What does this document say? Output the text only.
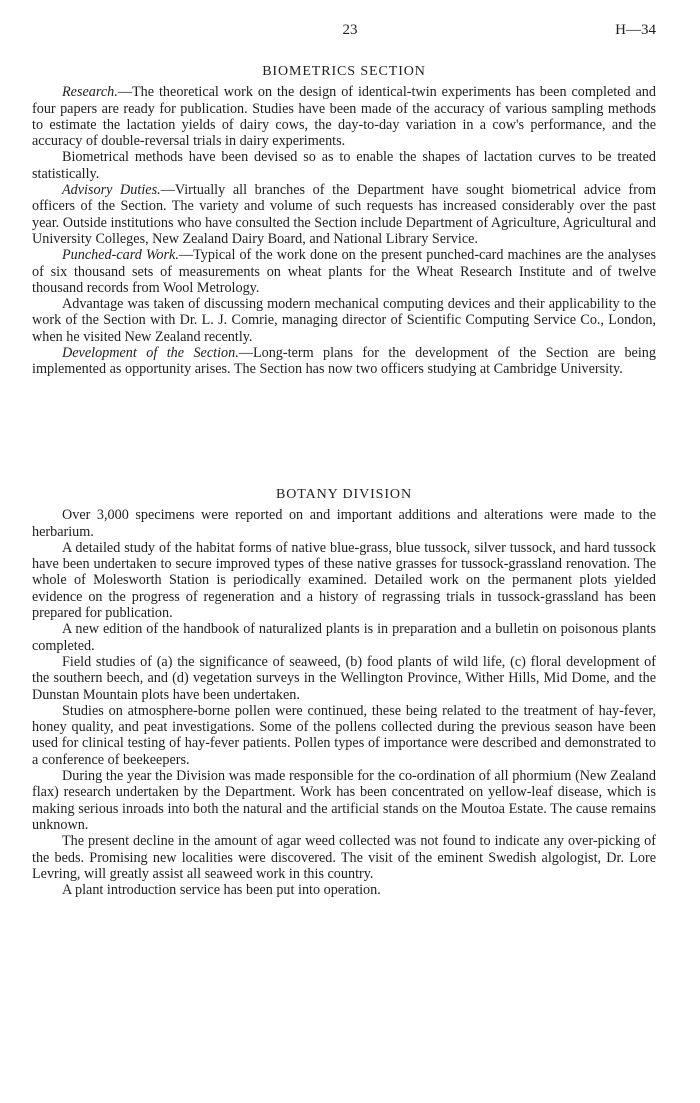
23	H—34
BIOMETRICS SECTION

Research.—The theoretical work on the design of identical-twin experiments has been completed and four papers are ready for publication. Studies have been made of the accuracy of various sampling methods to estimate the lactation yields of dairy cows, the day-to-day variation in a cow's performance, and the accuracy of double-reversal trials in dairy experiments.

Biometrical methods have been devised so as to enable the shapes of lactation curves to be treated statistically.

Advisory Duties.—Virtually all branches of the Department have sought biometrical advice from officers of the Section. The variety and volume of such requests has increased considerably over the past year. Outside institutions who have consulted the Section include Department of Agriculture, Agricultural and University Colleges, New Zealand Dairy Board, and National Library Service.

Punched-card Work.—Typical of the work done on the present punched-card machines are the analyses of six thousand sets of measurements on wheat plants for the Wheat Research Institute and of twelve thousand records from Wool Metrology.

Advantage was taken of discussing modern mechanical computing devices and their applicability to the work of the Section with Dr. L. J. Comrie, managing director of Scientific Computing Service Co., London, when he visited New Zealand recently.

Development of the Section.—Long-term plans for the development of the Section are being implemented as opportunity arises. The Section has now two officers studying at Cambridge University.

BOTANY DIVISION

Over 3,000 specimens were reported on and important additions and alterations were made to the herbarium.

A detailed study of the habitat forms of native blue-grass, blue tussock, silver tussock, and hard tussock have been undertaken to secure improved types of these native grasses for tussock-grassland renovation. The whole of Molesworth Station is periodically examined. Detailed work on the permanent plots yielded evidence on the progress of regeneration and a history of regrassing trials in tussock-grassland has been prepared for publication.

A new edition of the handbook of naturalized plants is in preparation and a bulletin on poisonous plants completed.

Field studies of (a) the significance of seaweed, (b) food plants of wild life, (c) floral development of the southern beech, and (d) vegetation surveys in the Wellington Province, Wither Hills, Mid Dome, and the Dunstan Mountain plots have been undertaken.

Studies on atmosphere-borne pollen were continued, these being related to the treatment of hay-fever, honey quality, and peat investigations. Some of the pollens collected during the previous season have been used for clinical testing of hay-fever patients. Pollen types of importance were described and demonstrated to a conference of beekeepers.

During the year the Division was made responsible for the co-ordination of all phormium (New Zealand flax) research undertaken by the Department. Work has been concentrated on yellow-leaf disease, which is making serious inroads into both the natural and the artificial stands on the Moutoa Estate. The cause remains unknown.

The present decline in the amount of agar weed collected was not found to indicate any over-picking of the beds. Promising new localities were discovered. The visit of the eminent Swedish algologist, Dr. Lore Levring, will greatly assist all seaweed work in this country.

A plant introduction service has been put into operation.
